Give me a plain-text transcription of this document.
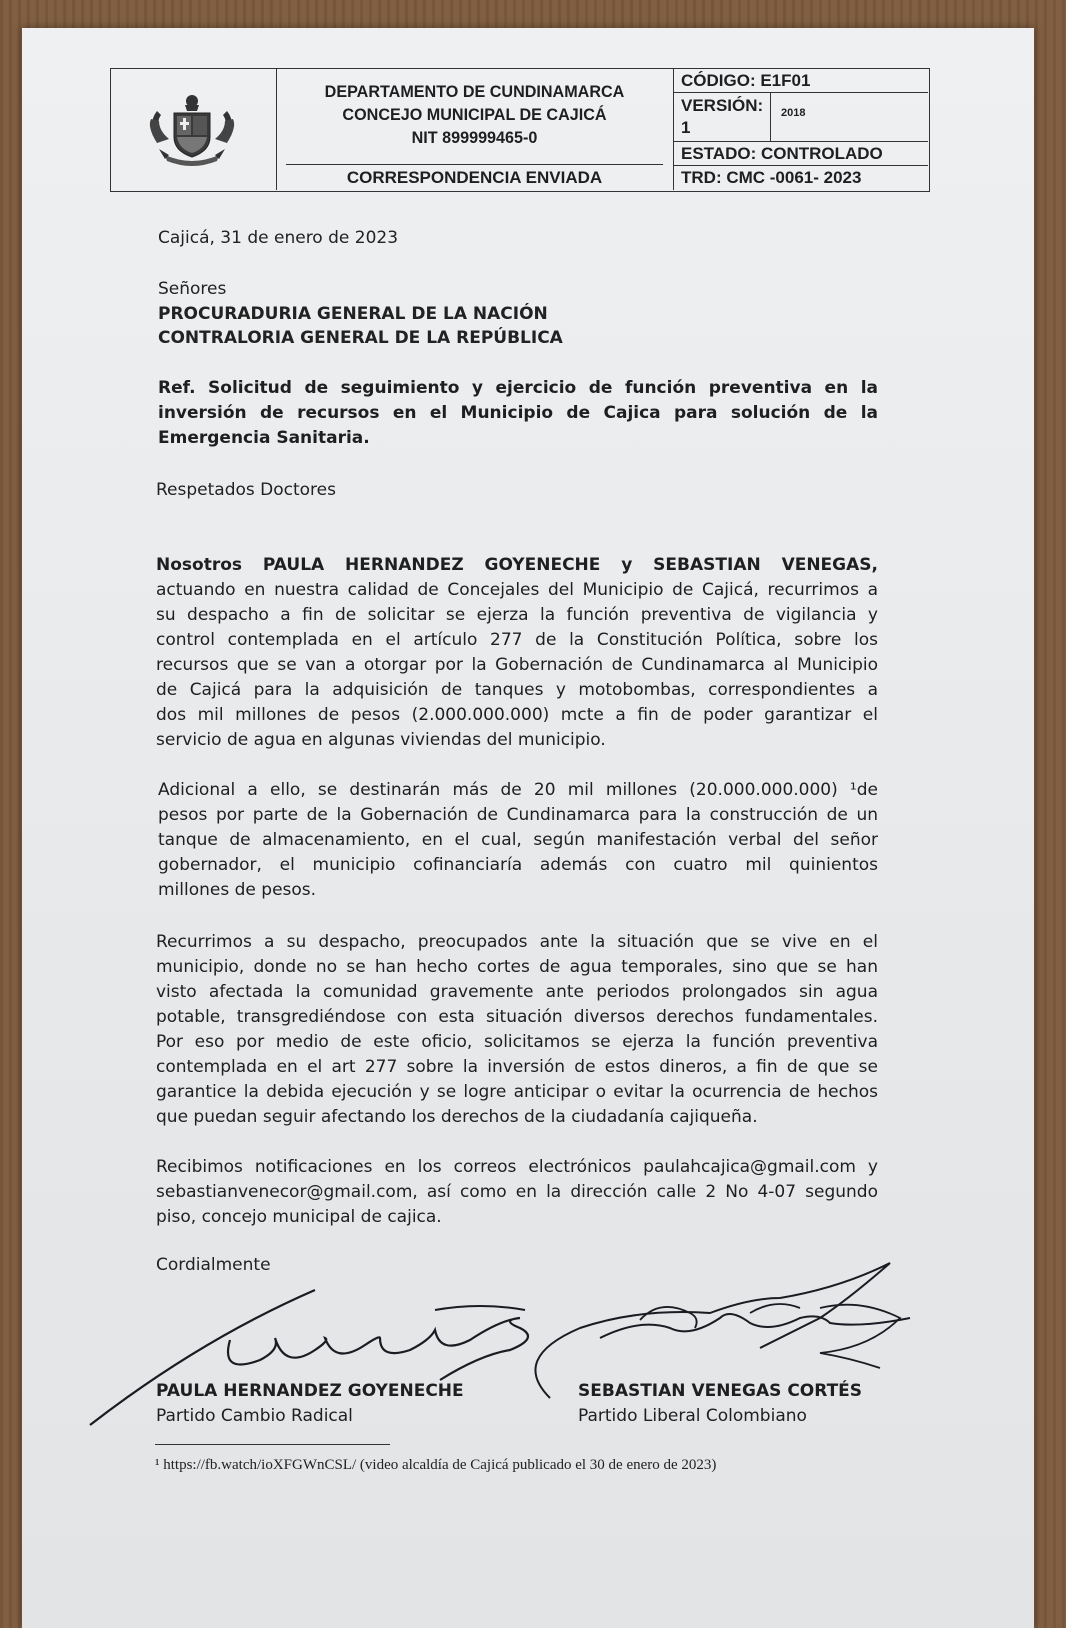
DEPARTAMENTO DE CUNDINAMARCA
CONCEJO MUNICIPAL DE CAJICÁ
NIT 899999465-0
CORRESPONDENCIA ENVIADA
CÓDIGO: E1F01
VERSIÓN:
1
2018
ESTADO: CONTROLADO
TRD: CMC -0061- 2023
Cajicá, 31 de enero de 2023
Señores
PROCURADURIA GENERAL DE LA NACIÓN
CONTRALORIA GENERAL DE LA REPÚBLICA
Ref. Solicitud de seguimiento y ejercicio de función preventiva en la
inversión de recursos en el Municipio de Cajica para solución de la
Emergencia Sanitaria.
Respetados Doctores
Nosotros PAULA HERNANDEZ GOYENECHE y SEBASTIAN VENEGAS,
actuando en nuestra calidad de Concejales del Municipio de Cajicá, recurrimos a
su despacho a fin de solicitar se ejerza la función preventiva de vigilancia y
control contemplada en el artículo 277 de la Constitución Política, sobre los
recursos que se van a otorgar por la Gobernación de Cundinamarca al Municipio
de Cajicá para la adquisición de tanques y motobombas, correspondientes a
dos mil millones de pesos (2.000.000.000) mcte a fin de poder garantizar el
servicio de agua en algunas viviendas del municipio.
Adicional a ello, se destinarán más de 20 mil millones (20.000.000.000) ¹de
pesos por parte de la Gobernación de Cundinamarca para la construcción de un
tanque de almacenamiento, en el cual, según manifestación verbal del señor
gobernador, el municipio cofinanciaría además con cuatro mil quinientos
millones de pesos.
Recurrimos a su despacho, preocupados ante la situación que se vive en el
municipio, donde no se han hecho cortes de agua temporales, sino que se han
visto afectada la comunidad gravemente ante periodos prolongados sin agua
potable, transgrediéndose con esta situación diversos derechos fundamentales.
Por eso por medio de este oficio, solicitamos se ejerza la función preventiva
contemplada en el art 277 sobre la inversión de estos dineros, a fin de que se
garantice la debida ejecución y se logre anticipar o evitar la ocurrencia de hechos
que puedan seguir afectando los derechos de la ciudadanía cajiqueña.
Recibimos notificaciones en los correos electrónicos paulahcajica@gmail.com y
sebastianvenecor@gmail.com, así como en la dirección calle 2 No 4-07 segundo
piso, concejo municipal de cajica.
Cordialmente
PAULA HERNANDEZ GOYENECHE
Partido Cambio Radical
SEBASTIAN VENEGAS CORTÉS
Partido Liberal Colombiano
¹ https://fb.watch/ioXFGWnCSL/ (video alcaldía de Cajicá publicado el 30 de enero de 2023)
